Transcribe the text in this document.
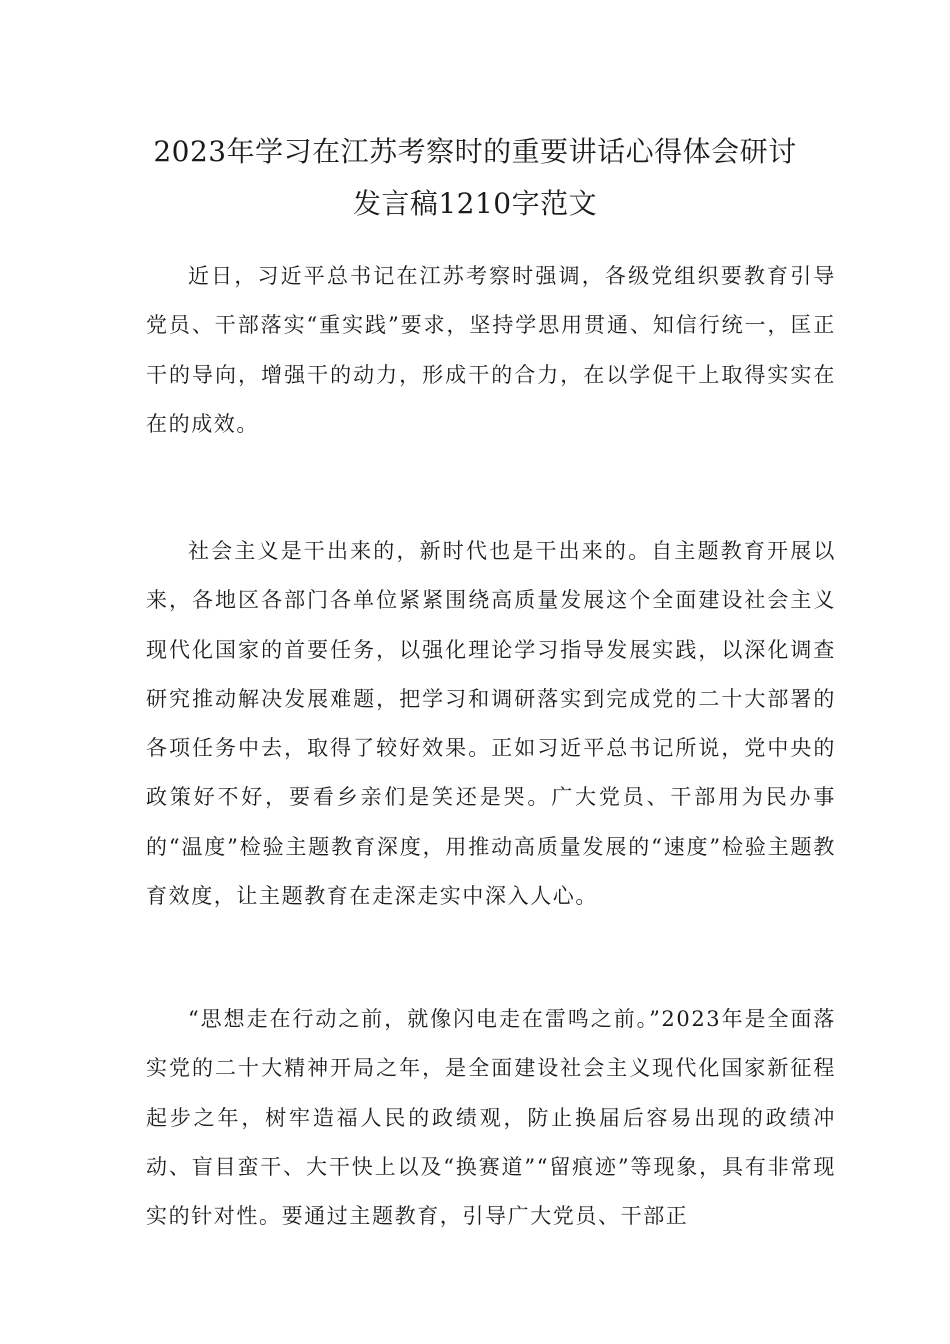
2023年学习在江苏考察时的重要讲话心得体会研讨
发言稿1210字范文

近日，习近平总书记在江苏考察时强调，各级党组织要教育引导党员、干部落实“重实践”要求，坚持学思用贯通、知信行统一，匡正干的导向，增强干的动力，形成干的合力，在以学促干上取得实实在在的成效。

社会主义是干出来的，新时代也是干出来的。自主题教育开展以来，各地区各部门各单位紧紧围绕高质量发展这个全面建设社会主义现代化国家的首要任务，以强化理论学习指导发展实践，以深化调查研究推动解决发展难题，把学习和调研落实到完成党的二十大部署的各项任务中去，取得了较好效果。正如习近平总书记所说，党中央的政策好不好，要看乡亲们是笑还是哭。广大党员、干部用为民办事的“温度”检验主题教育深度，用推动高质量发展的“速度”检验主题教育效度，让主题教育在走深走实中深入人心。

“思想走在行动之前，就像闪电走在雷鸣之前。”2023年是全面落实党的二十大精神开局之年，是全面建设社会主义现代化国家新征程起步之年，树牢造福人民的政绩观，防止换届后容易出现的政绩冲动、盲目蛮干、大干快上以及“换赛道”“留痕迹”等现象，具有非常现实的针对性。要通过主题教育，引导广大党员、干部正
